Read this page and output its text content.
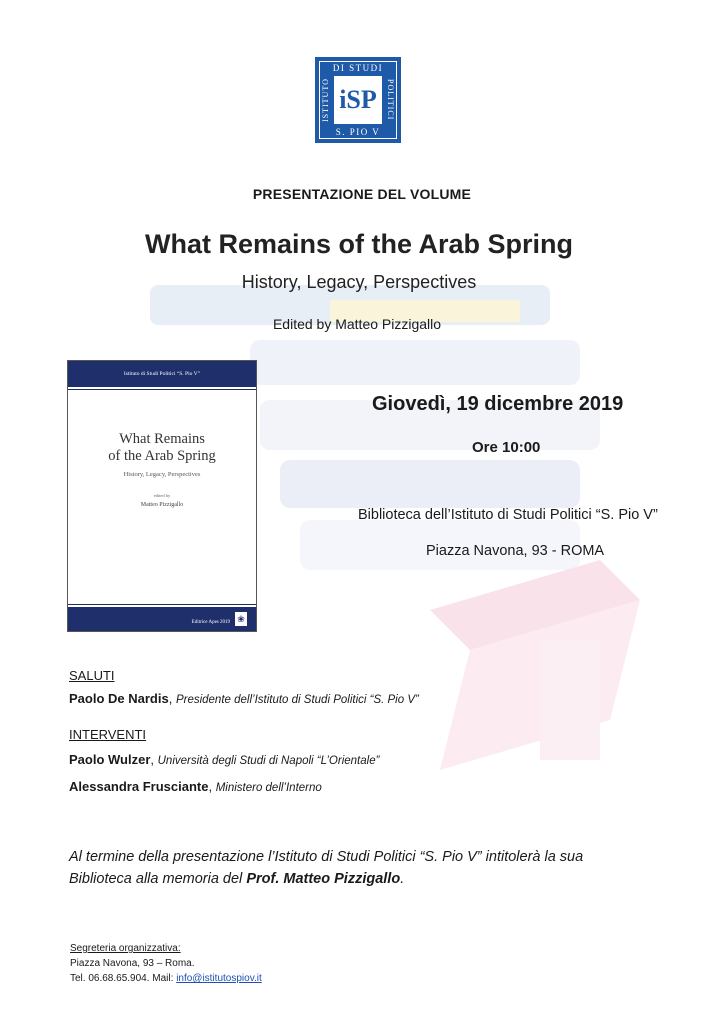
DI STUDI
ISTITUTO	POLITICI
iSP
S. PIO V
PRESENTAZIONE DEL VOLUME
What Remains of the Arab Spring
History, Legacy, Perspectives
Edited by Matteo Pizzigallo
Istituto di Studi Politici “S. Pio V”
What Remains
of the Arab Spring
History, Legacy, Perspectives
edited by
Matteo Pizzigallo
Editrice Apes 2019 ❀
Giovedì, 19 dicembre 2019
Ore 10:00
Biblioteca dell’Istituto di Studi Politici “S. Pio V”
Piazza Navona, 93 - ROMA
SALUTI
Paolo De Nardis, Presidente dell’Istituto di Studi Politici “S. Pio V”
INTERVENTI
Paolo Wulzer, Università degli Studi di Napoli “L’Orientale”
Alessandra Frusciante, Ministero dell’Interno
Al termine della presentazione l’Istituto di Studi Politici “S. Pio V” intitolerà la sua
Biblioteca alla memoria del Prof. Matteo Pizzigallo.
Segreteria organizzativa:
Piazza Navona, 93 – Roma.
Tel. 06.68.65.904. Mail: info@istitutospiov.it
